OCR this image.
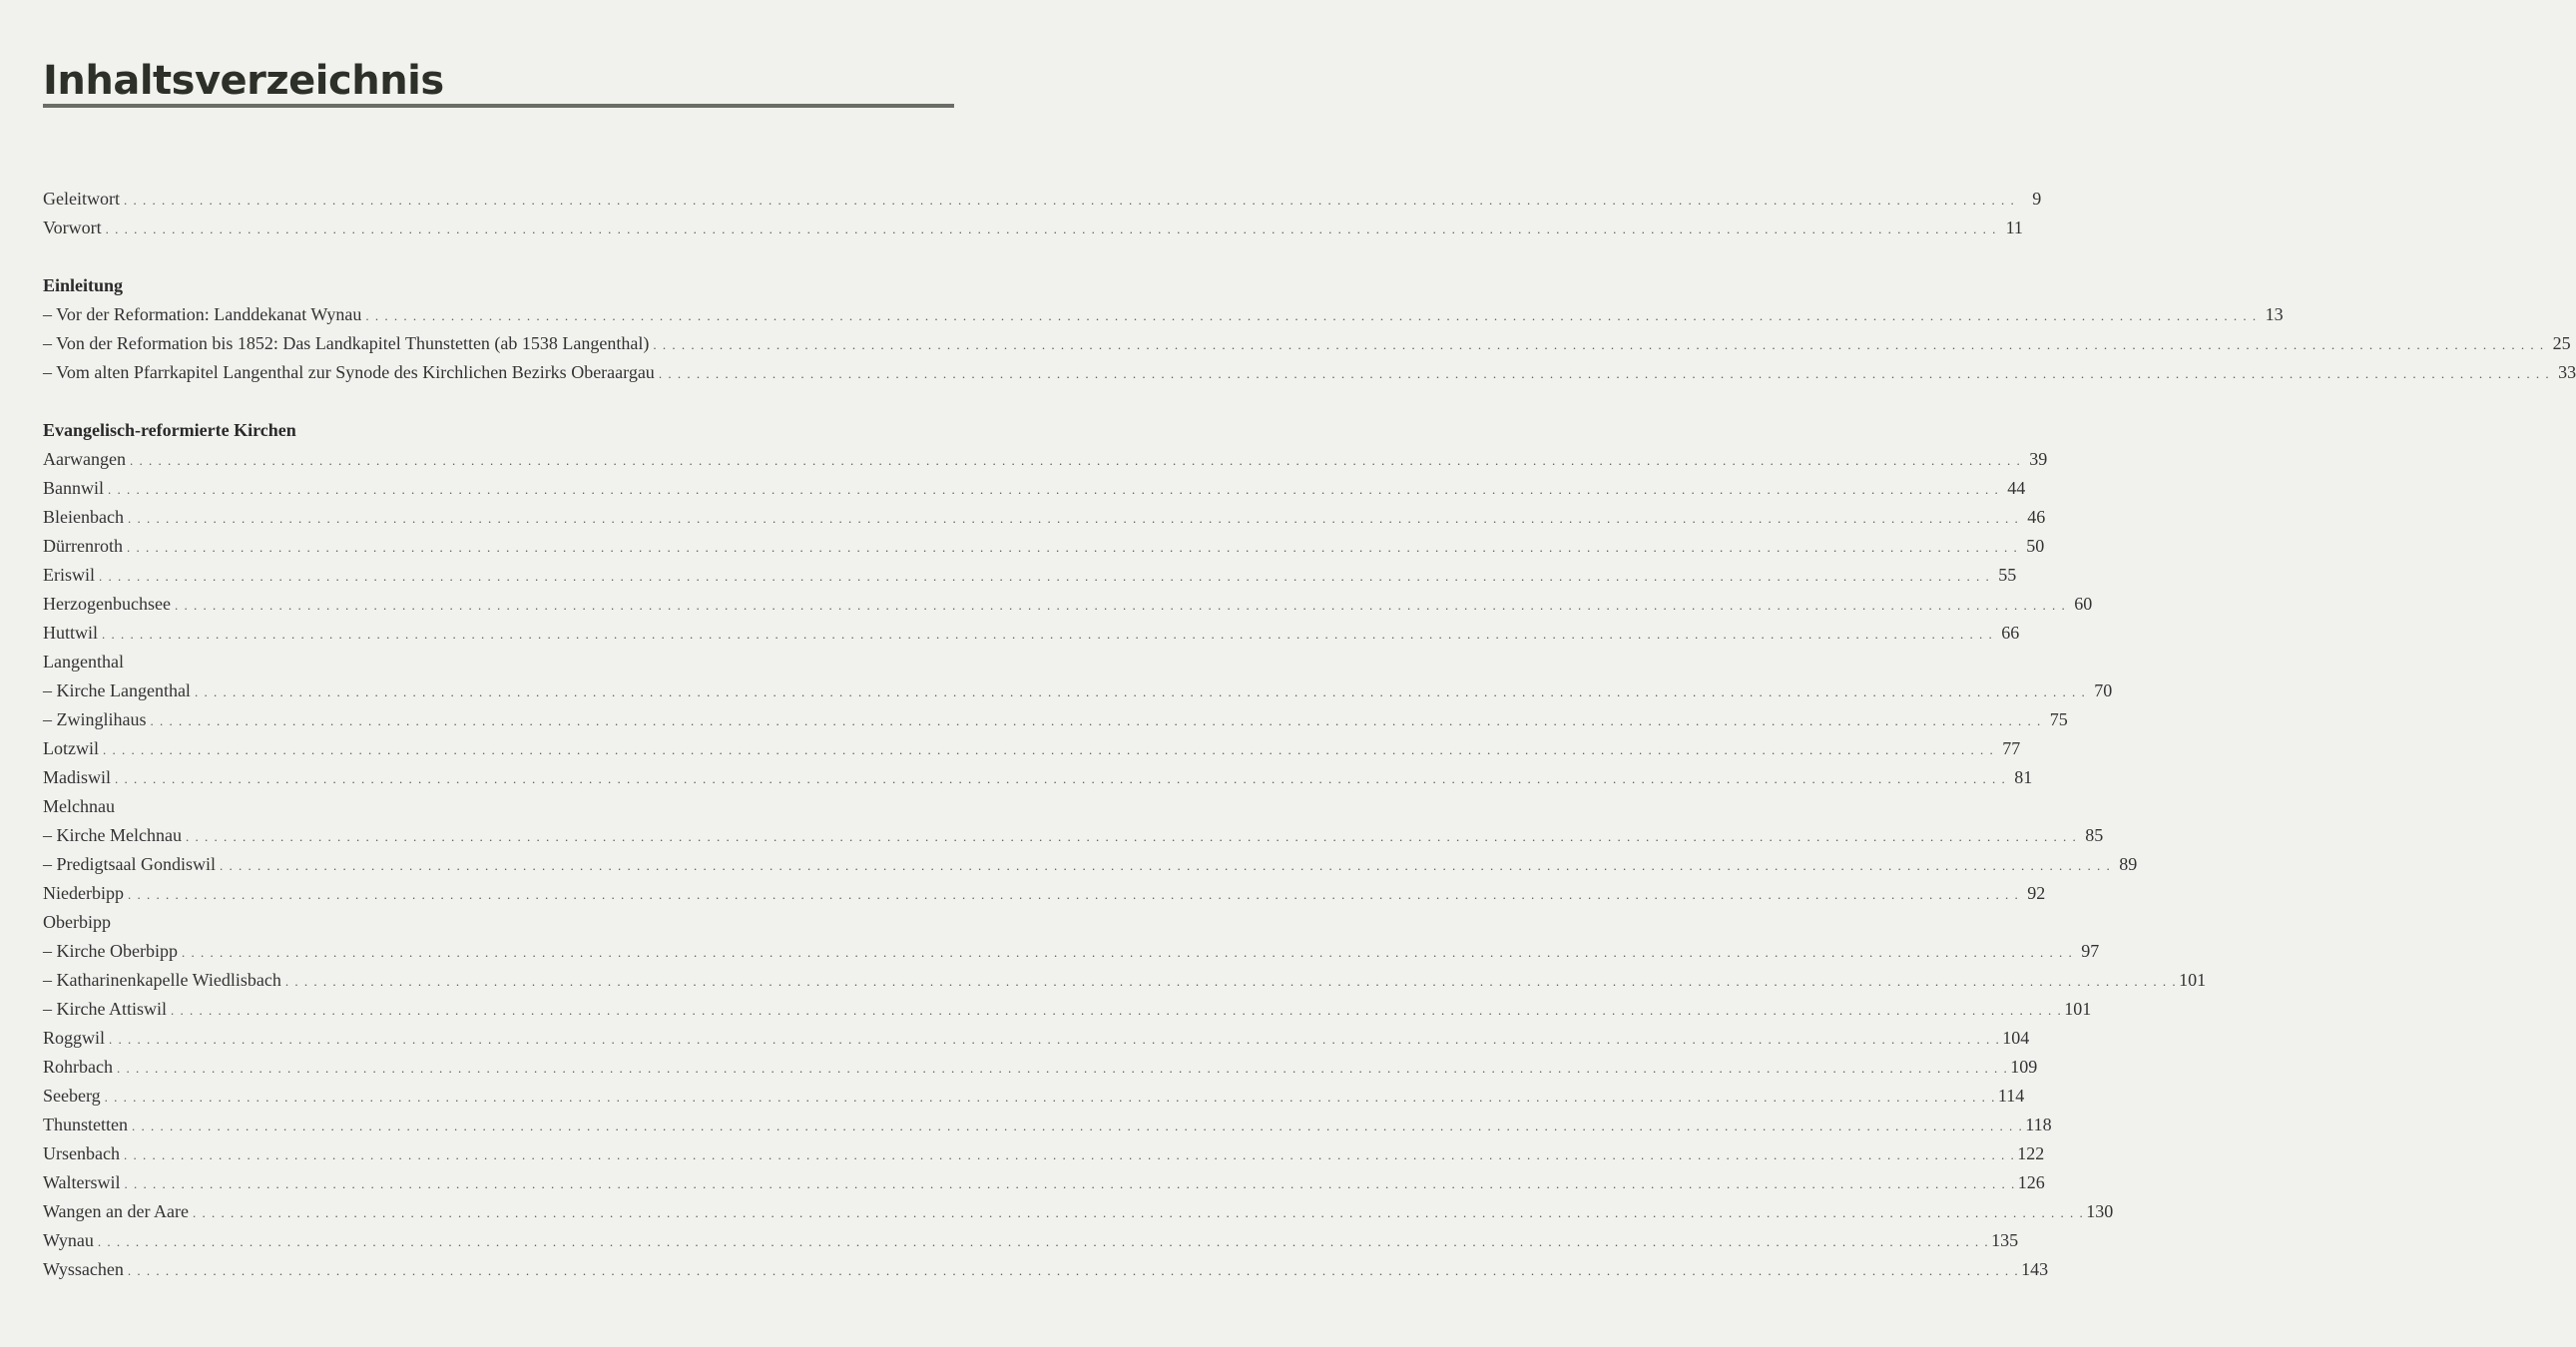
Inhaltsverzeichnis
Geleitwort . . . . . . . . . . . . . . . . . . . . . . . . . . . . . . . . . . . . . . . . . . . . . . . . . . . . . . . . . . . . . . . . . . . . . . . . . . . . . . . . . . . . . . . . . . . . . . . . . . . . . . . . . . . . . . . . . . . . . . . . . . . . . . . . . . . . . . . . . . . . . . . . . . . . . . . . . . . . . . . . . . . . . . . . . . . . . . . . . . . . . . . . . . . . . . . . . . . . . . . . 9
Vorwort . . . . . . . . . . . . . . . . . . . . . . . . . . . . . . . . . . . . . . . . . . . . . . . . . . . . . . . . . . . . . . . . . . . . . . . . . . . . . . . . . . . . . . . . . . . . . . . . . . . . . . . . . . . . . . . . . . . . . . . . . . . . . . . . . . . . . . . . . . . . . . . . . . . . . . . . . . . . . . . . . . . . . . . . . . . . . . . . . . . . . . . . . . . . . . . . . . . . . . . . 11
Einleitung
– Vor der Reformation: Landdekanat Wynau . . . . . . . . . . . . . . . . . . . . . . . . . . . . . . . . . . . . . . . . . . . . . . . . . . . . . . . . . . . . . . . . . . . . . . . . . . . . . . . . . . . . . . . . . . . . . . . . . . . . . . . . . . . . . . . . . . . . . . . . . . . . . . . . . . . . . . . . . . . . . . . . . . . . . . . . . . . . . . . . . . . . . . . . . . . . . . . . . . . . . . . . . . . . . . . . . . . . . . . . 13
– Von der Reformation bis 1852: Das Landkapitel Thunstetten (ab 1538 Langenthal) . . . . . . . . . . . . . . . . . . . . . . . . . . . . . . . . . . . . . . . . . . . . . . . . . . . . . . . . . . . . . . . . . . . . . . . . . . . . . . . . . . . . . . . . . . . . . . . . . . . . . . . . . . . . . . . . . . . . . . . . . . . . . . . . . . . . . . . . . . . . . . . . . . . . . . . . . . . . . . . . . . . . . . . . . . . . . . . . . . . . . . . . . . . . . . . . . . . . . . . . 25
– Vom alten Pfarrkapitel Langenthal zur Synode des Kirchlichen Bezirks Oberaargau . . . . . . . . . . . . . . . . . . . . . . . . . . . . . . . . . . . . . . . . . . . . . . . . . . . . . . . . . . . . . . . . . . . . . . . . . . . . . . . . . . . . . . . . . . . . . . . . . . . . . . . . . . . . . . . . . . . . . . . . . . . . . . . . . . . . . . . . . . . . . . . . . . . . . . . . . . . . . . . . . . . . . . . . . . . . . . . . . . . . . . . . . . . . . . . . . . . . . . . . 33
Evangelisch-reformierte Kirchen
Aarwangen . . . . . . . . . . . . . . . . . . . . . . . . . . . . . . . . . . . . . . . . . . . . . . . . . . . . . . . . . . . . . . . . . . . . . . . . . . . . . . . . . . . . . . . . . . . . . . . . . . . . . . . . . . . . . . . . . . . . . . . . . . . . . . . . . . . . . . . . . . . . . . . . . . . . . . . . . . . . . . . . . . . . . . . . . . . . . . . . . . . . . . . . . . . . . . . . . . . . . . . . 39
Bannwil . . . . . . . . . . . . . . . . . . . . . . . . . . . . . . . . . . . . . . . . . . . . . . . . . . . . . . . . . . . . . . . . . . . . . . . . . . . . . . . . . . . . . . . . . . . . . . . . . . . . . . . . . . . . . . . . . . . . . . . . . . . . . . . . . . . . . . . . . . . . . . . . . . . . . . . . . . . . . . . . . . . . . . . . . . . . . . . . . . . . . . . . . . . . . . . . . . . . . . . . 44
Bleienbach . . . . . . . . . . . . . . . . . . . . . . . . . . . . . . . . . . . . . . . . . . . . . . . . . . . . . . . . . . . . . . . . . . . . . . . . . . . . . . . . . . . . . . . . . . . . . . . . . . . . . . . . . . . . . . . . . . . . . . . . . . . . . . . . . . . . . . . . . . . . . . . . . . . . . . . . . . . . . . . . . . . . . . . . . . . . . . . . . . . . . . . . . . . . . . . . . . . . . . . . 46
Dürrenroth . . . . . . . . . . . . . . . . . . . . . . . . . . . . . . . . . . . . . . . . . . . . . . . . . . . . . . . . . . . . . . . . . . . . . . . . . . . . . . . . . . . . . . . . . . . . . . . . . . . . . . . . . . . . . . . . . . . . . . . . . . . . . . . . . . . . . . . . . . . . . . . . . . . . . . . . . . . . . . . . . . . . . . . . . . . . . . . . . . . . . . . . . . . . . . . . . . . . . . . . 50
Eriswil . . . . . . . . . . . . . . . . . . . . . . . . . . . . . . . . . . . . . . . . . . . . . . . . . . . . . . . . . . . . . . . . . . . . . . . . . . . . . . . . . . . . . . . . . . . . . . . . . . . . . . . . . . . . . . . . . . . . . . . . . . . . . . . . . . . . . . . . . . . . . . . . . . . . . . . . . . . . . . . . . . . . . . . . . . . . . . . . . . . . . . . . . . . . . . . . . . . . . . . . 55
Herzogenbuchsee . . . . . . . . . . . . . . . . . . . . . . . . . . . . . . . . . . . . . . . . . . . . . . . . . . . . . . . . . . . . . . . . . . . . . . . . . . . . . . . . . . . . . . . . . . . . . . . . . . . . . . . . . . . . . . . . . . . . . . . . . . . . . . . . . . . . . . . . . . . . . . . . . . . . . . . . . . . . . . . . . . . . . . . . . . . . . . . . . . . . . . . . . . . . . . . . . . . . . . . . 60
Huttwil . . . . . . . . . . . . . . . . . . . . . . . . . . . . . . . . . . . . . . . . . . . . . . . . . . . . . . . . . . . . . . . . . . . . . . . . . . . . . . . . . . . . . . . . . . . . . . . . . . . . . . . . . . . . . . . . . . . . . . . . . . . . . . . . . . . . . . . . . . . . . . . . . . . . . . . . . . . . . . . . . . . . . . . . . . . . . . . . . . . . . . . . . . . . . . . . . . . . . . . . 66
Langenthal
– Kirche Langenthal . . . . . . . . . . . . . . . . . . . . . . . . . . . . . . . . . . . . . . . . . . . . . . . . . . . . . . . . . . . . . . . . . . . . . . . . . . . . . . . . . . . . . . . . . . . . . . . . . . . . . . . . . . . . . . . . . . . . . . . . . . . . . . . . . . . . . . . . . . . . . . . . . . . . . . . . . . . . . . . . . . . . . . . . . . . . . . . . . . . . . . . . . . . . . . . . . . . . . . . . 70
– Zwinglihaus . . . . . . . . . . . . . . . . . . . . . . . . . . . . . . . . . . . . . . . . . . . . . . . . . . . . . . . . . . . . . . . . . . . . . . . . . . . . . . . . . . . . . . . . . . . . . . . . . . . . . . . . . . . . . . . . . . . . . . . . . . . . . . . . . . . . . . . . . . . . . . . . . . . . . . . . . . . . . . . . . . . . . . . . . . . . . . . . . . . . . . . . . . . . . . . . . . . . . . . . 75
Lotzwil . . . . . . . . . . . . . . . . . . . . . . . . . . . . . . . . . . . . . . . . . . . . . . . . . . . . . . . . . . . . . . . . . . . . . . . . . . . . . . . . . . . . . . . . . . . . . . . . . . . . . . . . . . . . . . . . . . . . . . . . . . . . . . . . . . . . . . . . . . . . . . . . . . . . . . . . . . . . . . . . . . . . . . . . . . . . . . . . . . . . . . . . . . . . . . . . . . . . . . . . 77
Madiswil . . . . . . . . . . . . . . . . . . . . . . . . . . . . . . . . . . . . . . . . . . . . . . . . . . . . . . . . . . . . . . . . . . . . . . . . . . . . . . . . . . . . . . . . . . . . . . . . . . . . . . . . . . . . . . . . . . . . . . . . . . . . . . . . . . . . . . . . . . . . . . . . . . . . . . . . . . . . . . . . . . . . . . . . . . . . . . . . . . . . . . . . . . . . . . . . . . . . . . . . 81
Melchnau
– Kirche Melchnau . . . . . . . . . . . . . . . . . . . . . . . . . . . . . . . . . . . . . . . . . . . . . . . . . . . . . . . . . . . . . . . . . . . . . . . . . . . . . . . . . . . . . . . . . . . . . . . . . . . . . . . . . . . . . . . . . . . . . . . . . . . . . . . . . . . . . . . . . . . . . . . . . . . . . . . . . . . . . . . . . . . . . . . . . . . . . . . . . . . . . . . . . . . . . . . . . . . . . . . . 85
– Predigtsaal Gondiswil . . . . . . . . . . . . . . . . . . . . . . . . . . . . . . . . . . . . . . . . . . . . . . . . . . . . . . . . . . . . . . . . . . . . . . . . . . . . . . . . . . . . . . . . . . . . . . . . . . . . . . . . . . . . . . . . . . . . . . . . . . . . . . . . . . . . . . . . . . . . . . . . . . . . . . . . . . . . . . . . . . . . . . . . . . . . . . . . . . . . . . . . . . . . . . . . . . . . . . . . 89
Niederbipp . . . . . . . . . . . . . . . . . . . . . . . . . . . . . . . . . . . . . . . . . . . . . . . . . . . . . . . . . . . . . . . . . . . . . . . . . . . . . . . . . . . . . . . . . . . . . . . . . . . . . . . . . . . . . . . . . . . . . . . . . . . . . . . . . . . . . . . . . . . . . . . . . . . . . . . . . . . . . . . . . . . . . . . . . . . . . . . . . . . . . . . . . . . . . . . . . . . . . . . . 92
Oberbipp
– Kirche Oberbipp . . . . . . . . . . . . . . . . . . . . . . . . . . . . . . . . . . . . . . . . . . . . . . . . . . . . . . . . . . . . . . . . . . . . . . . . . . . . . . . . . . . . . . . . . . . . . . . . . . . . . . . . . . . . . . . . . . . . . . . . . . . . . . . . . . . . . . . . . . . . . . . . . . . . . . . . . . . . . . . . . . . . . . . . . . . . . . . . . . . . . . . . . . . . . . . . . . . . . . . . 97
– Katharinenkapelle Wiedlisbach . . . . . . . . . . . . . . . . . . . . . . . . . . . . . . . . . . . . . . . . . . . . . . . . . . . . . . . . . . . . . . . . . . . . . . . . . . . . . . . . . . . . . . . . . . . . . . . . . . . . . . . . . . . . . . . . . . . . . . . . . . . . . . . . . . . . . . . . . . . . . . . . . . . . . . . . . . . . . . . . . . . . . . . . . . . . . . . . . . . . . . . . . . . . . . . . . . . . . . . . 101
– Kirche Attiswil . . . . . . . . . . . . . . . . . . . . . . . . . . . . . . . . . . . . . . . . . . . . . . . . . . . . . . . . . . . . . . . . . . . . . . . . . . . . . . . . . . . . . . . . . . . . . . . . . . . . . . . . . . . . . . . . . . . . . . . . . . . . . . . . . . . . . . . . . . . . . . . . . . . . . . . . . . . . . . . . . . . . . . . . . . . . . . . . . . . . . . . . . . . . . . . . . . . . . . . . 101
Roggwil . . . . . . . . . . . . . . . . . . . . . . . . . . . . . . . . . . . . . . . . . . . . . . . . . . . . . . . . . . . . . . . . . . . . . . . . . . . . . . . . . . . . . . . . . . . . . . . . . . . . . . . . . . . . . . . . . . . . . . . . . . . . . . . . . . . . . . . . . . . . . . . . . . . . . . . . . . . . . . . . . . . . . . . . . . . . . . . . . . . . . . . . . . . . . . . . . . . . . . . . 104
Rohrbach . . . . . . . . . . . . . . . . . . . . . . . . . . . . . . . . . . . . . . . . . . . . . . . . . . . . . . . . . . . . . . . . . . . . . . . . . . . . . . . . . . . . . . . . . . . . . . . . . . . . . . . . . . . . . . . . . . . . . . . . . . . . . . . . . . . . . . . . . . . . . . . . . . . . . . . . . . . . . . . . . . . . . . . . . . . . . . . . . . . . . . . . . . . . . . . . . . . . . . . . 109
Seeberg . . . . . . . . . . . . . . . . . . . . . . . . . . . . . . . . . . . . . . . . . . . . . . . . . . . . . . . . . . . . . . . . . . . . . . . . . . . . . . . . . . . . . . . . . . . . . . . . . . . . . . . . . . . . . . . . . . . . . . . . . . . . . . . . . . . . . . . . . . . . . . . . . . . . . . . . . . . . . . . . . . . . . . . . . . . . . . . . . . . . . . . . . . . . . . . . . . . . . . . . 114
Thunstetten . . . . . . . . . . . . . . . . . . . . . . . . . . . . . . . . . . . . . . . . . . . . . . . . . . . . . . . . . . . . . . . . . . . . . . . . . . . . . . . . . . . . . . . . . . . . . . . . . . . . . . . . . . . . . . . . . . . . . . . . . . . . . . . . . . . . . . . . . . . . . . . . . . . . . . . . . . . . . . . . . . . . . . . . . . . . . . . . . . . . . . . . . . . . . . . . . . . . . . . . 118
Ursenbach . . . . . . . . . . . . . . . . . . . . . . . . . . . . . . . . . . . . . . . . . . . . . . . . . . . . . . . . . . . . . . . . . . . . . . . . . . . . . . . . . . . . . . . . . . . . . . . . . . . . . . . . . . . . . . . . . . . . . . . . . . . . . . . . . . . . . . . . . . . . . . . . . . . . . . . . . . . . . . . . . . . . . . . . . . . . . . . . . . . . . . . . . . . . . . . . . . . . . . . . 122
Walterswil . . . . . . . . . . . . . . . . . . . . . . . . . . . . . . . . . . . . . . . . . . . . . . . . . . . . . . . . . . . . . . . . . . . . . . . . . . . . . . . . . . . . . . . . . . . . . . . . . . . . . . . . . . . . . . . . . . . . . . . . . . . . . . . . . . . . . . . . . . . . . . . . . . . . . . . . . . . . . . . . . . . . . . . . . . . . . . . . . . . . . . . . . . . . . . . . . . . . . . . . 126
Wangen an der Aare . . . . . . . . . . . . . . . . . . . . . . . . . . . . . . . . . . . . . . . . . . . . . . . . . . . . . . . . . . . . . . . . . . . . . . . . . . . . . . . . . . . . . . . . . . . . . . . . . . . . . . . . . . . . . . . . . . . . . . . . . . . . . . . . . . . . . . . . . . . . . . . . . . . . . . . . . . . . . . . . . . . . . . . . . . . . . . . . . . . . . . . . . . . . . . . . . . . . . . . . 130
Wynau . . . . . . . . . . . . . . . . . . . . . . . . . . . . . . . . . . . . . . . . . . . . . . . . . . . . . . . . . . . . . . . . . . . . . . . . . . . . . . . . . . . . . . . . . . . . . . . . . . . . . . . . . . . . . . . . . . . . . . . . . . . . . . . . . . . . . . . . . . . . . . . . . . . . . . . . . . . . . . . . . . . . . . . . . . . . . . . . . . . . . . . . . . . . . . . . . . . . . . . . 135
Wyssachen . . . . . . . . . . . . . . . . . . . . . . . . . . . . . . . . . . . . . . . . . . . . . . . . . . . . . . . . . . . . . . . . . . . . . . . . . . . . . . . . . . . . . . . . . . . . . . . . . . . . . . . . . . . . . . . . . . . . . . . . . . . . . . . . . . . . . . . . . . . . . . . . . . . . . . . . . . . . . . . . . . . . . . . . . . . . . . . . . . . . . . . . . . . . . . . . . . . . . . . . 143
